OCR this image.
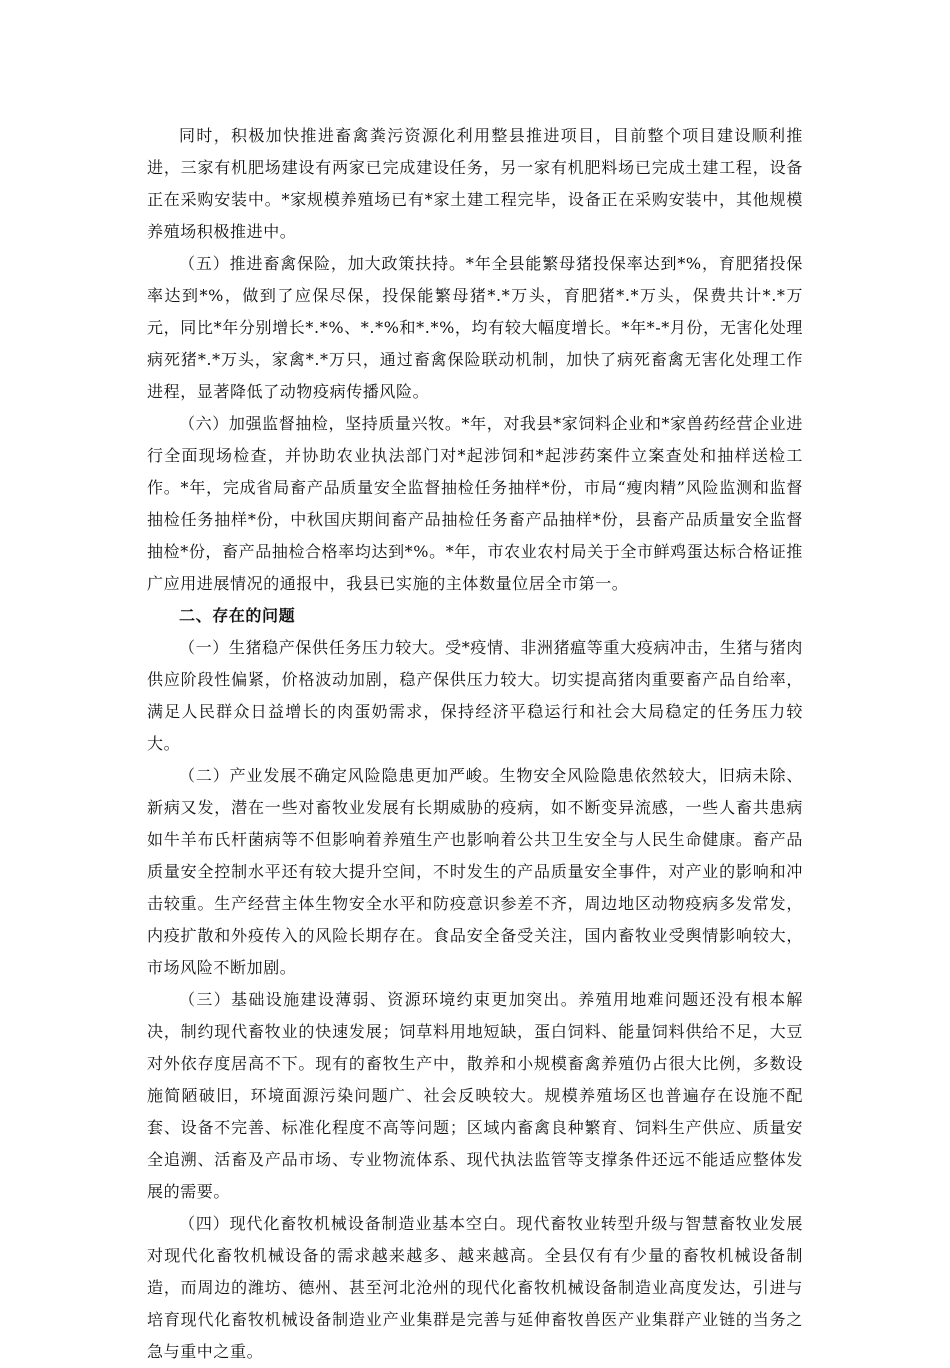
同时，积极加快推进畜禽粪污资源化利用整县推进项目，目前整个项目建设顺利推进，三家有机肥场建设有两家已完成建设任务，另一家有机肥料场已完成土建工程，设备正在采购安装中。*家规模养殖场已有*家土建工程完毕，设备正在采购安装中，其他规模养殖场积极推进中。

（五）推进畜禽保险，加大政策扶持。*年全县能繁母猪投保率达到*%，育肥猪投保率达到*%，做到了应保尽保，投保能繁母猪*.*万头，育肥猪*.*万头，保费共计*.*万元，同比*年分别增长*.*%、*.*%和*.*%，均有较大幅度增长。*年*-*月份，无害化处理病死猪*.*万头，家禽*.*万只，通过畜禽保险联动机制，加快了病死畜禽无害化处理工作进程，显著降低了动物疫病传播风险。

（六）加强监督抽检，坚持质量兴牧。*年，对我县*家饲料企业和*家兽药经营企业进行全面现场检查，并协助农业执法部门对*起涉饲和*起涉药案件立案查处和抽样送检工作。*年，完成省局畜产品质量安全监督抽检任务抽样*份，市局“瘦肉精”风险监测和监督抽检任务抽样*份，中秋国庆期间畜产品抽检任务畜产品抽样*份，县畜产品质量安全监督抽检*份，畜产品抽检合格率均达到*%。*年，市农业农村局关于全市鲜鸡蛋达标合格证推广应用进展情况的通报中，我县已实施的主体数量位居全市第一。

二、存在的问题

（一）生猪稳产保供任务压力较大。受*疫情、非洲猪瘟等重大疫病冲击，生猪与猪肉供应阶段性偏紧，价格波动加剧，稳产保供压力较大。切实提高猪肉重要畜产品自给率，满足人民群众日益增长的肉蛋奶需求，保持经济平稳运行和社会大局稳定的任务压力较大。

（二）产业发展不确定风险隐患更加严峻。生物安全风险隐患依然较大，旧病未除、新病又发，潜在一些对畜牧业发展有长期威胁的疫病，如不断变异流感，一些人畜共患病如牛羊布氏杆菌病等不但影响着养殖生产也影响着公共卫生安全与人民生命健康。畜产品质量安全控制水平还有较大提升空间，不时发生的产品质量安全事件，对产业的影响和冲击较重。生产经营主体生物安全水平和防疫意识参差不齐，周边地区动物疫病多发常发，内疫扩散和外疫传入的风险长期存在。食品安全备受关注，国内畜牧业受舆情影响较大，市场风险不断加剧。

（三）基础设施建设薄弱、资源环境约束更加突出。养殖用地难问题还没有根本解决，制约现代畜牧业的快速发展；饲草料用地短缺，蛋白饲料、能量饲料供给不足，大豆对外依存度居高不下。现有的畜牧生产中，散养和小规模畜禽养殖仍占很大比例，多数设施简陋破旧，环境面源污染问题广、社会反映较大。规模养殖场区也普遍存在设施不配套、设备不完善、标准化程度不高等问题；区域内畜禽良种繁育、饲料生产供应、质量安全追溯、活畜及产品市场、专业物流体系、现代执法监管等支撑条件还远不能适应整体发展的需要。

（四）现代化畜牧机械设备制造业基本空白。现代畜牧业转型升级与智慧畜牧业发展对现代化畜牧机械设备的需求越来越多、越来越高。全县仅有有少量的畜牧机械设备制造，而周边的潍坊、德州、甚至河北沧州的现代化畜牧机械设备制造业高度发达，引进与培育现代化畜牧机械设备制造业产业集群是完善与延伸畜牧兽医产业集群产业链的当务之急与重中之重。
